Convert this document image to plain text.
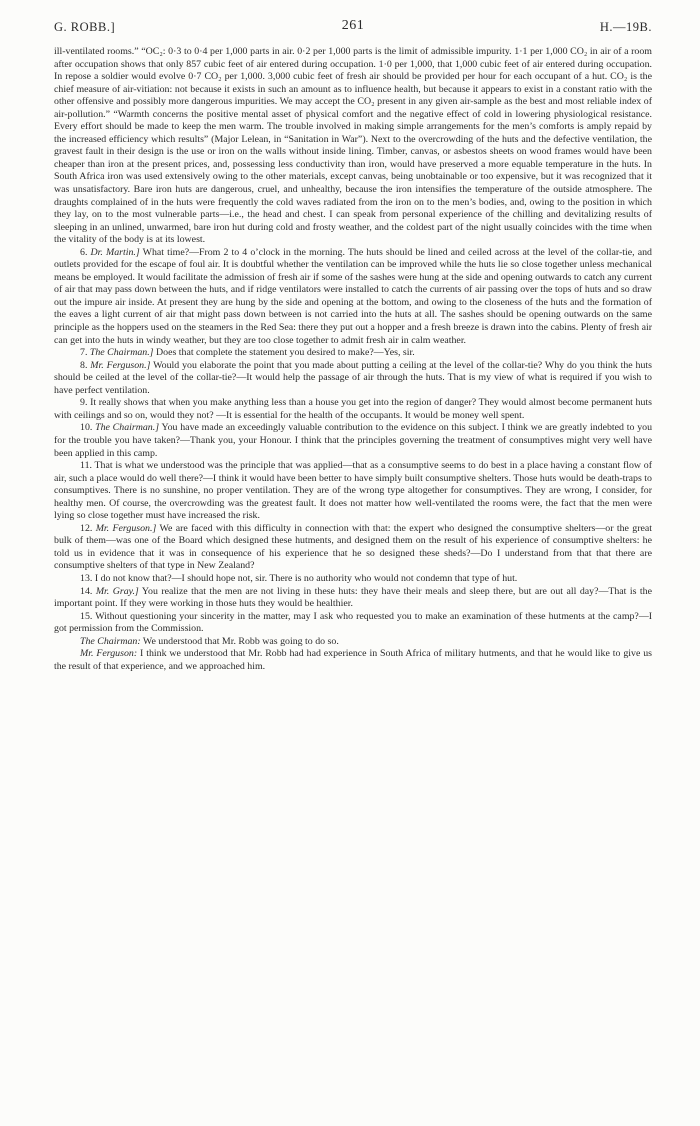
G. ROBB.]	261	H.—19B.

ill-ventilated rooms.” “OC₂: 0·3 to 0·4 per 1,000 parts in air. 0·2 per 1,000 parts is the limit of admissible impurity. 1·1 per 1,000 CO₂ in air of a room after occupation shows that only 857 cubic feet of air entered during occupation. 1·0 per 1,000, that 1,000 cubic feet of air entered during occupation. In repose a soldier would evolve 0·7 CO₂ per 1,000. 3,000 cubic feet of fresh air should be provided per hour for each occupant of a hut. CO₂ is the chief measure of air-vitiation: not because it exists in such an amount as to influence health, but because it appears to exist in a constant ratio with the other offensive and possibly more dangerous impurities. We may accept the CO₂ present in any given air-sample as the best and most reliable index of air-pollution.” “Warmth concerns the positive mental asset of physical comfort and the negative effect of cold in lowering physiological resistance. Every effort should be made to keep the men warm. The trouble involved in making simple arrangements for the men’s comforts is amply repaid by the increased efficiency which results” (Major Lelean, in “Sanitation in War”). Next to the overcrowding of the huts and the defective ventilation, the gravest fault in their design is the use or iron on the walls without inside lining. Timber, canvas, or asbestos sheets on wood frames would have been cheaper than iron at the present prices, and, possessing less conductivity than iron, would have preserved a more equable temperature in the huts. In South Africa iron was used extensively owing to the other materials, except canvas, being unobtainable or too expensive, but it was recognized that it was unsatisfactory. Bare iron huts are dangerous, cruel, and unhealthy, because the iron intensifies the temperature of the outside atmosphere. The draughts complained of in the huts were frequently the cold waves radiated from the iron on to the men’s bodies, and, owing to the position in which they lay, on to the most vulnerable parts—i.e., the head and chest. I can speak from personal experience of the chilling and devitalizing results of sleeping in an unlined, unwarmed, bare iron hut during cold and frosty weather, and the coldest part of the night usually coincides with the time when the vitality of the body is at its lowest.

6. Dr. Martin.] What time?—From 2 to 4 o’clock in the morning. The huts should be lined and ceiled across at the level of the collar-tie, and outlets provided for the escape of foul air. It is doubtful whether the ventilation can be improved while the huts lie so close together unless mechanical means be employed. It would facilitate the admission of fresh air if some of the sashes were hung at the side and opening outwards to catch any current of air that may pass down between the huts, and if ridge ventilators were installed to catch the currents of air passing over the tops of huts and so draw out the impure air inside. At present they are hung by the side and opening at the bottom, and owing to the closeness of the huts and the formation of the eaves a light current of air that might pass down between is not carried into the huts at all. The sashes should be opening outwards on the same principle as the hoppers used on the steamers in the Red Sea: there they put out a hopper and a fresh breeze is drawn into the cabins. Plenty of fresh air can get into the huts in windy weather, but they are too close together to admit fresh air in calm weather.

7. The Chairman.] Does that complete the statement you desired to make?—Yes, sir.

8. Mr. Ferguson.] Would you elaborate the point that you made about putting a ceiling at the level of the collar-tie? Why do you think the huts should be ceiled at the level of the collar-tie?—It would help the passage of air through the huts. That is my view of what is required if you wish to have perfect ventilation.

9. It really shows that when you make anything less than a house you get into the region of danger? They would almost become permanent huts with ceilings and so on, would they not? —It is essential for the health of the occupants. It would be money well spent.

10. The Chairman.] You have made an exceedingly valuable contribution to the evidence on this subject. I think we are greatly indebted to you for the trouble you have taken?—Thank you, your Honour. I think that the principles governing the treatment of consumptives might very well have been applied in this camp.

11. That is what we understood was the principle that was applied—that as a consumptive seems to do best in a place having a constant flow of air, such a place would do well there?—I think it would have been better to have simply built consumptive shelters. Those huts would be death-traps to consumptives. There is no sunshine, no proper ventilation. They are of the wrong type altogether for consumptives. They are wrong, I consider, for healthy men. Of course, the overcrowding was the greatest fault. It does not matter how well-ventilated the rooms were, the fact that the men were lying so close together must have increased the risk.

12. Mr. Ferguson.] We are faced with this difficulty in connection with that: the expert who designed the consumptive shelters—or the great bulk of them—was one of the Board which designed these hutments, and designed them on the result of his experience of consumptive shelters: he told us in evidence that it was in consequence of his experience that he so designed these sheds?—Do I understand from that that there are consumptive shelters of that type in New Zealand?

13. I do not know that?—I should hope not, sir. There is no authority who would not condemn that type of hut.

14. Mr. Gray.] You realize that the men are not living in these huts: they have their meals and sleep there, but are out all day?—That is the important point. If they were working in those huts they would be healthier.

15. Without questioning your sincerity in the matter, may I ask who requested you to make an examination of these hutments at the camp?—I got permission from the Commission.

The Chairman: We understood that Mr. Robb was going to do so.

Mr. Ferguson: I think we understood that Mr. Robb had had experience in South Africa of military hutments, and that he would like to give us the result of that experience, and we approached him.
